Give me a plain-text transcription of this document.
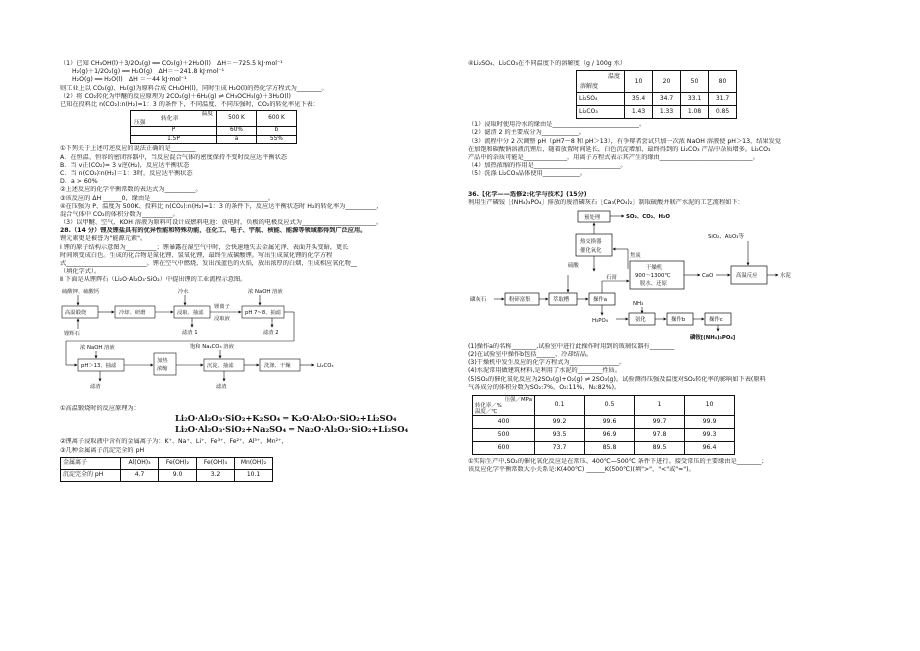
（1）已知 CH₃OH(l)＋3/2O₂(g) ══ CO₂(g)＋2H₂O(l)　ΔH＝－725.5 kJ·mol⁻¹
H₂(g)＋1/2O₂(g) ══ H₂O(g)　ΔH＝－241.8 kJ·mol⁻¹
H₂O(g) ══ H₂O(l)　ΔH ＝－44 kJ·mol⁻¹
则工业上以 CO₂(g)、H₂(g)为原料合成 CH₃OH(l)，同时生成 H₂O(l)的热化学方程式为________。
（2）将 CO₂转化为甲醚的反应原理为 2CO₂(g)＋6H₂(g) ⇌ CH₃OCH₃(g)＋3H₂O(l)
已知在投料比 n(CO₂):n(H₂)=1：3 的条件下，不同温度、不同压强时，CO₂的转化率见下表：
温度
转化率
压强	500 K	600 K
P	60%	b
1.5P	a	55%
①下列关于上述可逆反应的说法正确的是________
A．在恒温、恒容的密闭容器中，当反应混合气体的密度保持不变时反应达平衡状态
B．当 v正(CO₂)= 3 v逆(H₂)，反应达平衡状态
C．当 n(CO₂)∶n(H₂)＝1：3时，反应达平衡状态
D．a > 60%
②上述反应的化学平衡常数的表达式为__________。
③该反应的 ΔH ______0，缘由是______________________________________。
④在压强为 P、温度为 500K、投料比 n(CO₂):n(H₂)=1：3 的条件下，反应达平衡状态时 H₂的转化率为__________，
混合气体中 CO₂的体积分数为__________。
（3）以甲醚、空气、KOH 溶液为原料可设计成燃料电池：放电时，负极的电极反应式为________________________。
28.（14 分）锂及锂盐具有的优异性能和特殊功能，在化工、电子、宇航、核能、能源等领域都得到广泛应用。
锂元素更是被誉为"能源元素"。
Ⅰ 锂的原子结构示意图为__________；锂暴露在湿空气中时，会快速地失去金属光泽、表面开头变暗，更长
时间则变成白色。生成的化合物是氮化锂、氢氧化锂，最终生成碳酸锂。写出生成氮化锂的化学方程
式__________________________。锂在空气中燃烧，发出浅蓝色的火焰，放出浓厚的白烟，生成相应氧化物__
（填化学式）。
Ⅱ 下面是从锂辉石（Li₂O·Al₂O₃·SiO₂）中提出锂的工业流程示意图。
硫酸钾、硫酸钙
高温锻烧
锂辉石
冷却、研磨
冷水
浸取、抽滤
滤渣 1
锂离子
浸取液
浓 NaOH 溶液
pH 7~8、抽滤
滤渣 2
浓 NaOH 溶液
pH＞13、抽滤
滤渣
加热
浓缩
饱和 Na₂CO₃ 溶液
沉淀、抽滤
滤渣
洗涤、干燥	Li₂CO₃
①高温锻烧时的反应原理为：
Li₂O·Al₂O₃·SiO₂+K₂SO₄ ═ K₂O·Al₂O₃·SiO₂+Li₂SO₄
Li₂O·Al₂O₃·SiO₂+Na₂SO₄ ═ Na₂O·Al₂O₃·SiO₂+Li₂SO₄
②锂离子浸取液中含有的金属离子为：K⁺、Na⁺、Li⁺、Fe³⁺、Fe²⁺、Al³⁺、Mn²⁺，
③几种金属离子沉淀完全的 pH
金属离子	Al(OH)₃	Fe(OH)₂	Fe(OH)₃	Mn(OH)₂
沉淀完全的 pH	4.7	9.0	3.2	10.1
④Li₂SO₄、Li₂CO₃在不同温度下的溶解度（g / 100g 水）
温度
溶解度	10	20	50	80
Li₂SO₄	35.4	34.7	33.1	31.7
Li₂CO₃	1.43	1.33	1.08	0.85
（1）浸取时使用冷水的缘由是____________________________。
（2）滤渣 2 的主要成分为____________。
（3）流程中分 2 次调整 pH（pH7～8 和 pH＞13），有争辩者尝试只加一次浓 NaOH 溶液使 pH＞13，结果发觉
在加饱和碳酸钠溶液沉锂后，随着放置时间延长，白色沉淀增加，最终得到的 Li₂CO₃ 产品中杂质增多。Li₂CO₃
产品中的杂质可能是______________，用离子方程式表示其产生的缘由______________________________。
（4）加热浓缩的作用是____________________________。
（5）洗涤 Li₂CO₃晶体使用____________。
36.【化学——选修2:化学与技术】(15分)
利用生产磷铵［(NH₄)₃PO₄］排放的废渣磷灰石［Ca₃(PO₄)₂］制取硫酸并联产水泥的工艺流程如下：
预处理	SO₂、CO₂、H₂O
热交换器
催化氧化
硫酸
焦炭
干燥机
900～1300℃
脱水、还原
CaO
SiO₂、Al₂O₃等
高温反应	水泥
磷灰石	粉碎富集	萃取槽	操作a
石膏
H₃PO₄
NH₃
氨化	操作b	操作c
磷铵[(NH₄)₃PO₄]
(1)操作a的名称________,试验室中进行此操作时用到的玻璃仪器有________
(2)在试验室中操作b包括______、冷却结晶。
(3)干燥机中发生反应的化学方程式为________________。
(4)水泥常用做建筑材料,是利用了水泥的________性质。
(5)SO₂的催化氧化反应为2SO₂(g)+O₂(g) ⇌ 2SO₃(g)。试验测得压强及温度对SO₂转化率的影响如下表(原料
气各成分的体积分数为SO₂:7%，O₂:11%，N₂:82%)。
压强／MPa
转化率／%
温度／℃	0.1	0.5	1	10
400	99.2	99.6	99.7	99.9
500	93.5	96.9	97.8	99.3
600	73.7	85.8	89.5	96.4
①实际生产中,SO₂的催化氧化反应是在常压、400℃—500℃ 条件下进行。接受常压的主要缘由是________；
该反应化学平衡常数大小关系是:K(400℃) ______K(500℃)(填">"、"<"或"=")。
